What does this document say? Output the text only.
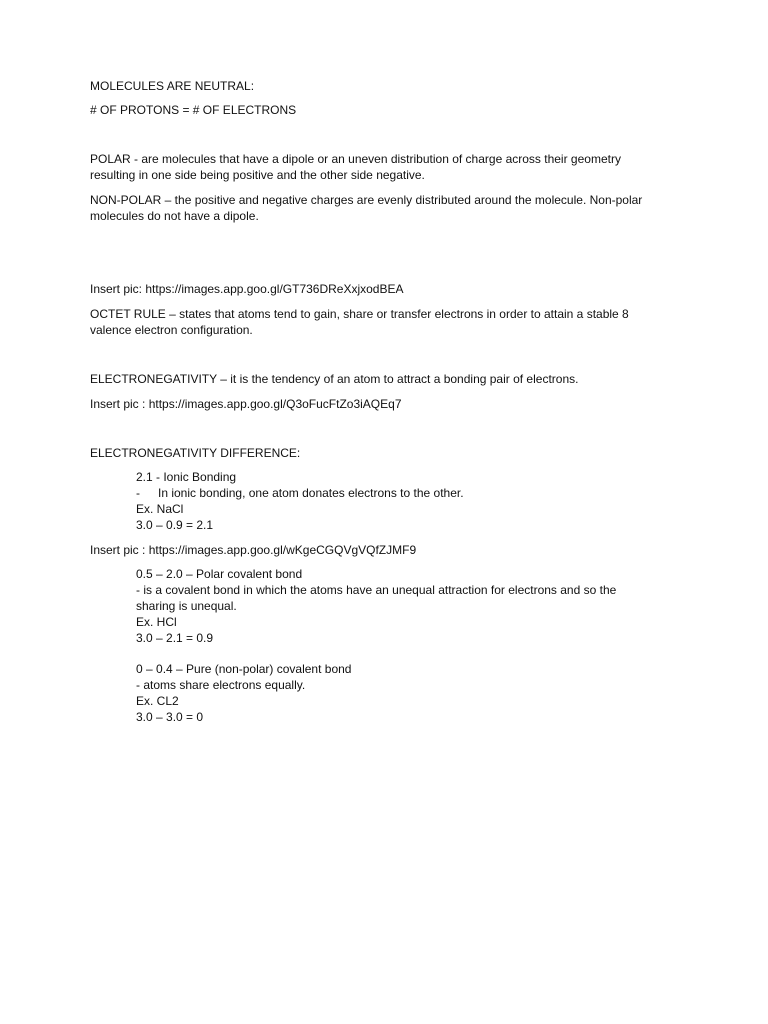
MOLECULES ARE NEUTRAL:
# OF PROTONS = # OF ELECTRONS
POLAR - are molecules that have a dipole or an uneven distribution of charge across their geometry
resulting in one side being positive and the other side negative.
NON-POLAR – the positive and negative charges are evenly distributed around the molecule. Non-polar
molecules do not have a dipole.
Insert pic: https://images.app.goo.gl/GT736DReXxjxodBEA
OCTET RULE – states that atoms tend to gain, share or transfer electrons in order to attain a stable 8
valence electron configuration.
ELECTRONEGATIVITY – it is the tendency of an atom to attract a bonding pair of electrons.
Insert pic : https://images.app.goo.gl/Q3oFucFtZo3iAQEq7
ELECTRONEGATIVITY DIFFERENCE:
2.1 - Ionic Bonding
- In ionic bonding, one atom donates electrons to the other.
Ex. NaCl
3.0 – 0.9 = 2.1
Insert pic : https://images.app.goo.gl/wKgeCGQVgVQfZJMF9
0.5 – 2.0 – Polar covalent bond
- is a covalent bond in which the atoms have an unequal attraction for electrons and so the
sharing is unequal.
Ex. HCl
3.0 – 2.1 = 0.9
0 – 0.4 – Pure (non-polar) covalent bond
- atoms share electrons equally.
Ex. CL2
3.0 – 3.0 = 0
